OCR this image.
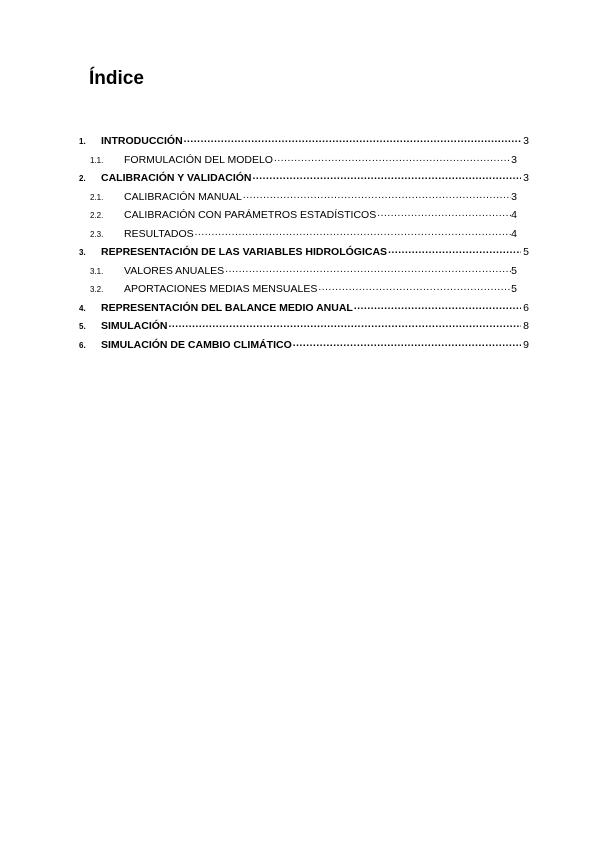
Índice
1.	INTRODUCCIÓN .....	3
1.1.	FORMULACIÓN DEL MODELO .....	3
2.	CALIBRACIÓN Y VALIDACIÓN .....	3
2.1.	CALIBRACIÓN MANUAL .....	3
2.2.	CALIBRACIÓN CON PARÁMETROS ESTADÍSTICOS .....	4
2.3.	RESULTADOS .....	4
3.	REPRESENTACIÓN DE LAS VARIABLES HIDROLÓGICAS .....	5
3.1.	VALORES ANUALES .....	5
3.2.	APORTACIONES MEDIAS MENSUALES .....	5
4.	REPRESENTACIÓN DEL BALANCE MEDIO ANUAL .....	6
5.	SIMULACIÓN .....	8
6.	SIMULACIÓN DE CAMBIO CLIMÁTICO .....	9
